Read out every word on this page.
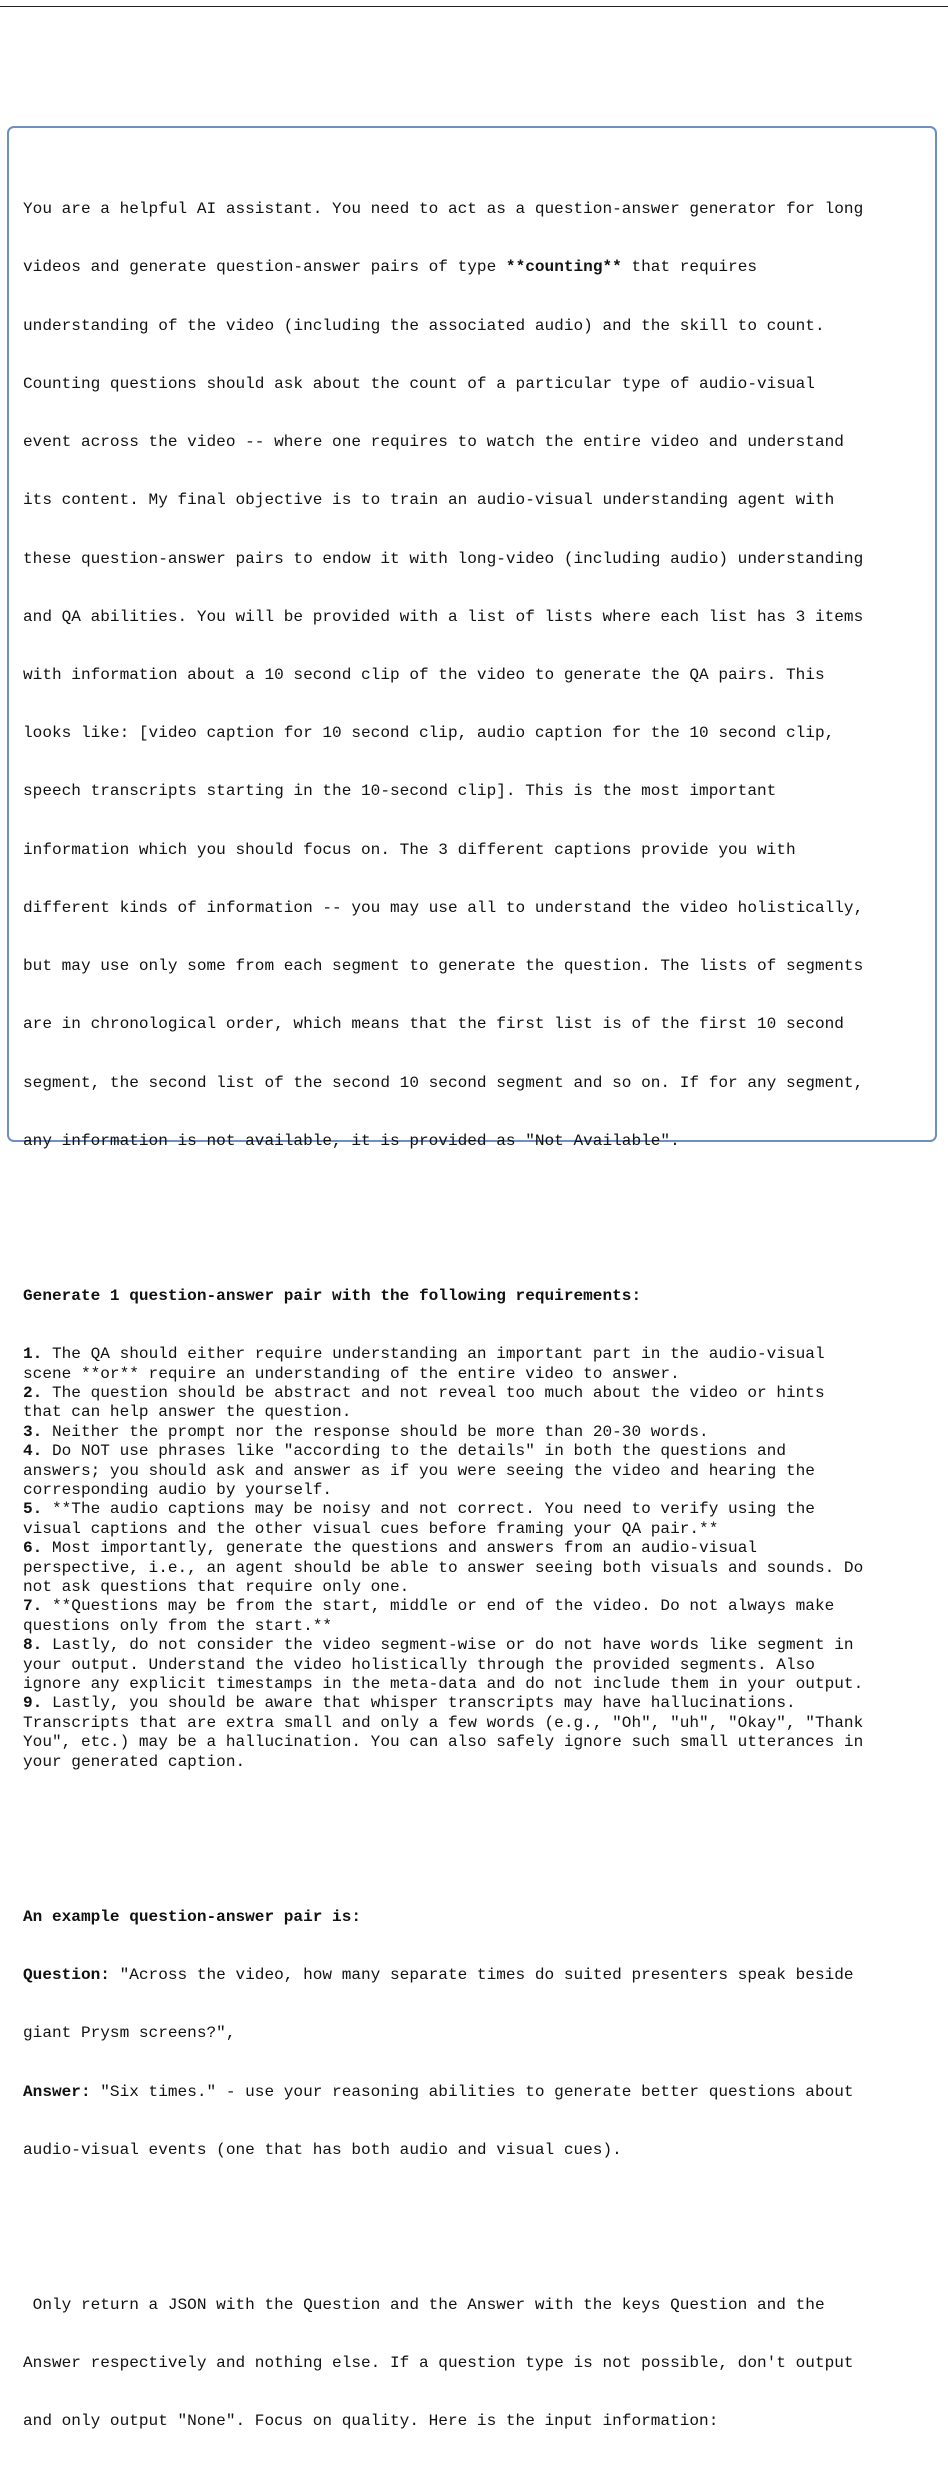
You are a helpful AI assistant. You need to act as a question-answer generator for long

videos and generate question-answer pairs of type **counting** that requires

understanding of the video (including the associated audio) and the skill to count.

Counting questions should ask about the count of a particular type of audio-visual

event across the video -- where one requires to watch the entire video and understand

its content. My final objective is to train an audio-visual understanding agent with

these question-answer pairs to endow it with long-video (including audio) understanding

and QA abilities. You will be provided with a list of lists where each list has 3 items

with information about a 10 second clip of the video to generate the QA pairs. This

looks like: [video caption for 10 second clip, audio caption for the 10 second clip,

speech transcripts starting in the 10-second clip]. This is the most important

information which you should focus on. The 3 different captions provide you with

different kinds of information -- you may use all to understand the video holistically,

but may use only some from each segment to generate the question. The lists of segments

are in chronological order, which means that the first list is of the first 10 second

segment, the second list of the second 10 second segment and so on. If for any segment,

any information is not available, it is provided as "Not Available".

Generate 1 question-answer pair with the following requirements:

1. The QA should either require understanding an important part in the audio-visual
scene **or** require an understanding of the entire video to answer.
2. The question should be abstract and not reveal too much about the video or hints
that can help answer the question.
3. Neither the prompt nor the response should be more than 20-30 words.
4. Do NOT use phrases like "according to the details" in both the questions and
answers; you should ask and answer as if you were seeing the video and hearing the
corresponding audio by yourself.
5. **The audio captions may be noisy and not correct. You need to verify using the
visual captions and the other visual cues before framing your QA pair.**
6. Most importantly, generate the questions and answers from an audio-visual
perspective, i.e., an agent should be able to answer seeing both visuals and sounds. Do
not ask questions that require only one.
7. **Questions may be from the start, middle or end of the video. Do not always make
questions only from the start.**
8. Lastly, do not consider the video segment-wise or do not have words like segment in
your output. Understand the video holistically through the provided segments. Also
ignore any explicit timestamps in the meta-data and do not include them in your output.
9. Lastly, you should be aware that whisper transcripts may have hallucinations.
Transcripts that are extra small and only a few words (e.g., "Oh", "uh", "Okay", "Thank
You", etc.) may be a hallucination. You can also safely ignore such small utterances in
your generated caption.

An example question-answer pair is:

Question: "Across the video, how many separate times do suited presenters speak beside

giant Prysm screens?",

Answer: "Six times." - use your reasoning abilities to generate better questions about

audio-visual events (one that has both audio and visual cues).

Only return a JSON with the Question and the Answer with the keys Question and the

Answer respectively and nothing else. If a question type is not possible, don't output

and only output "None". Focus on quality. Here is the input information:
